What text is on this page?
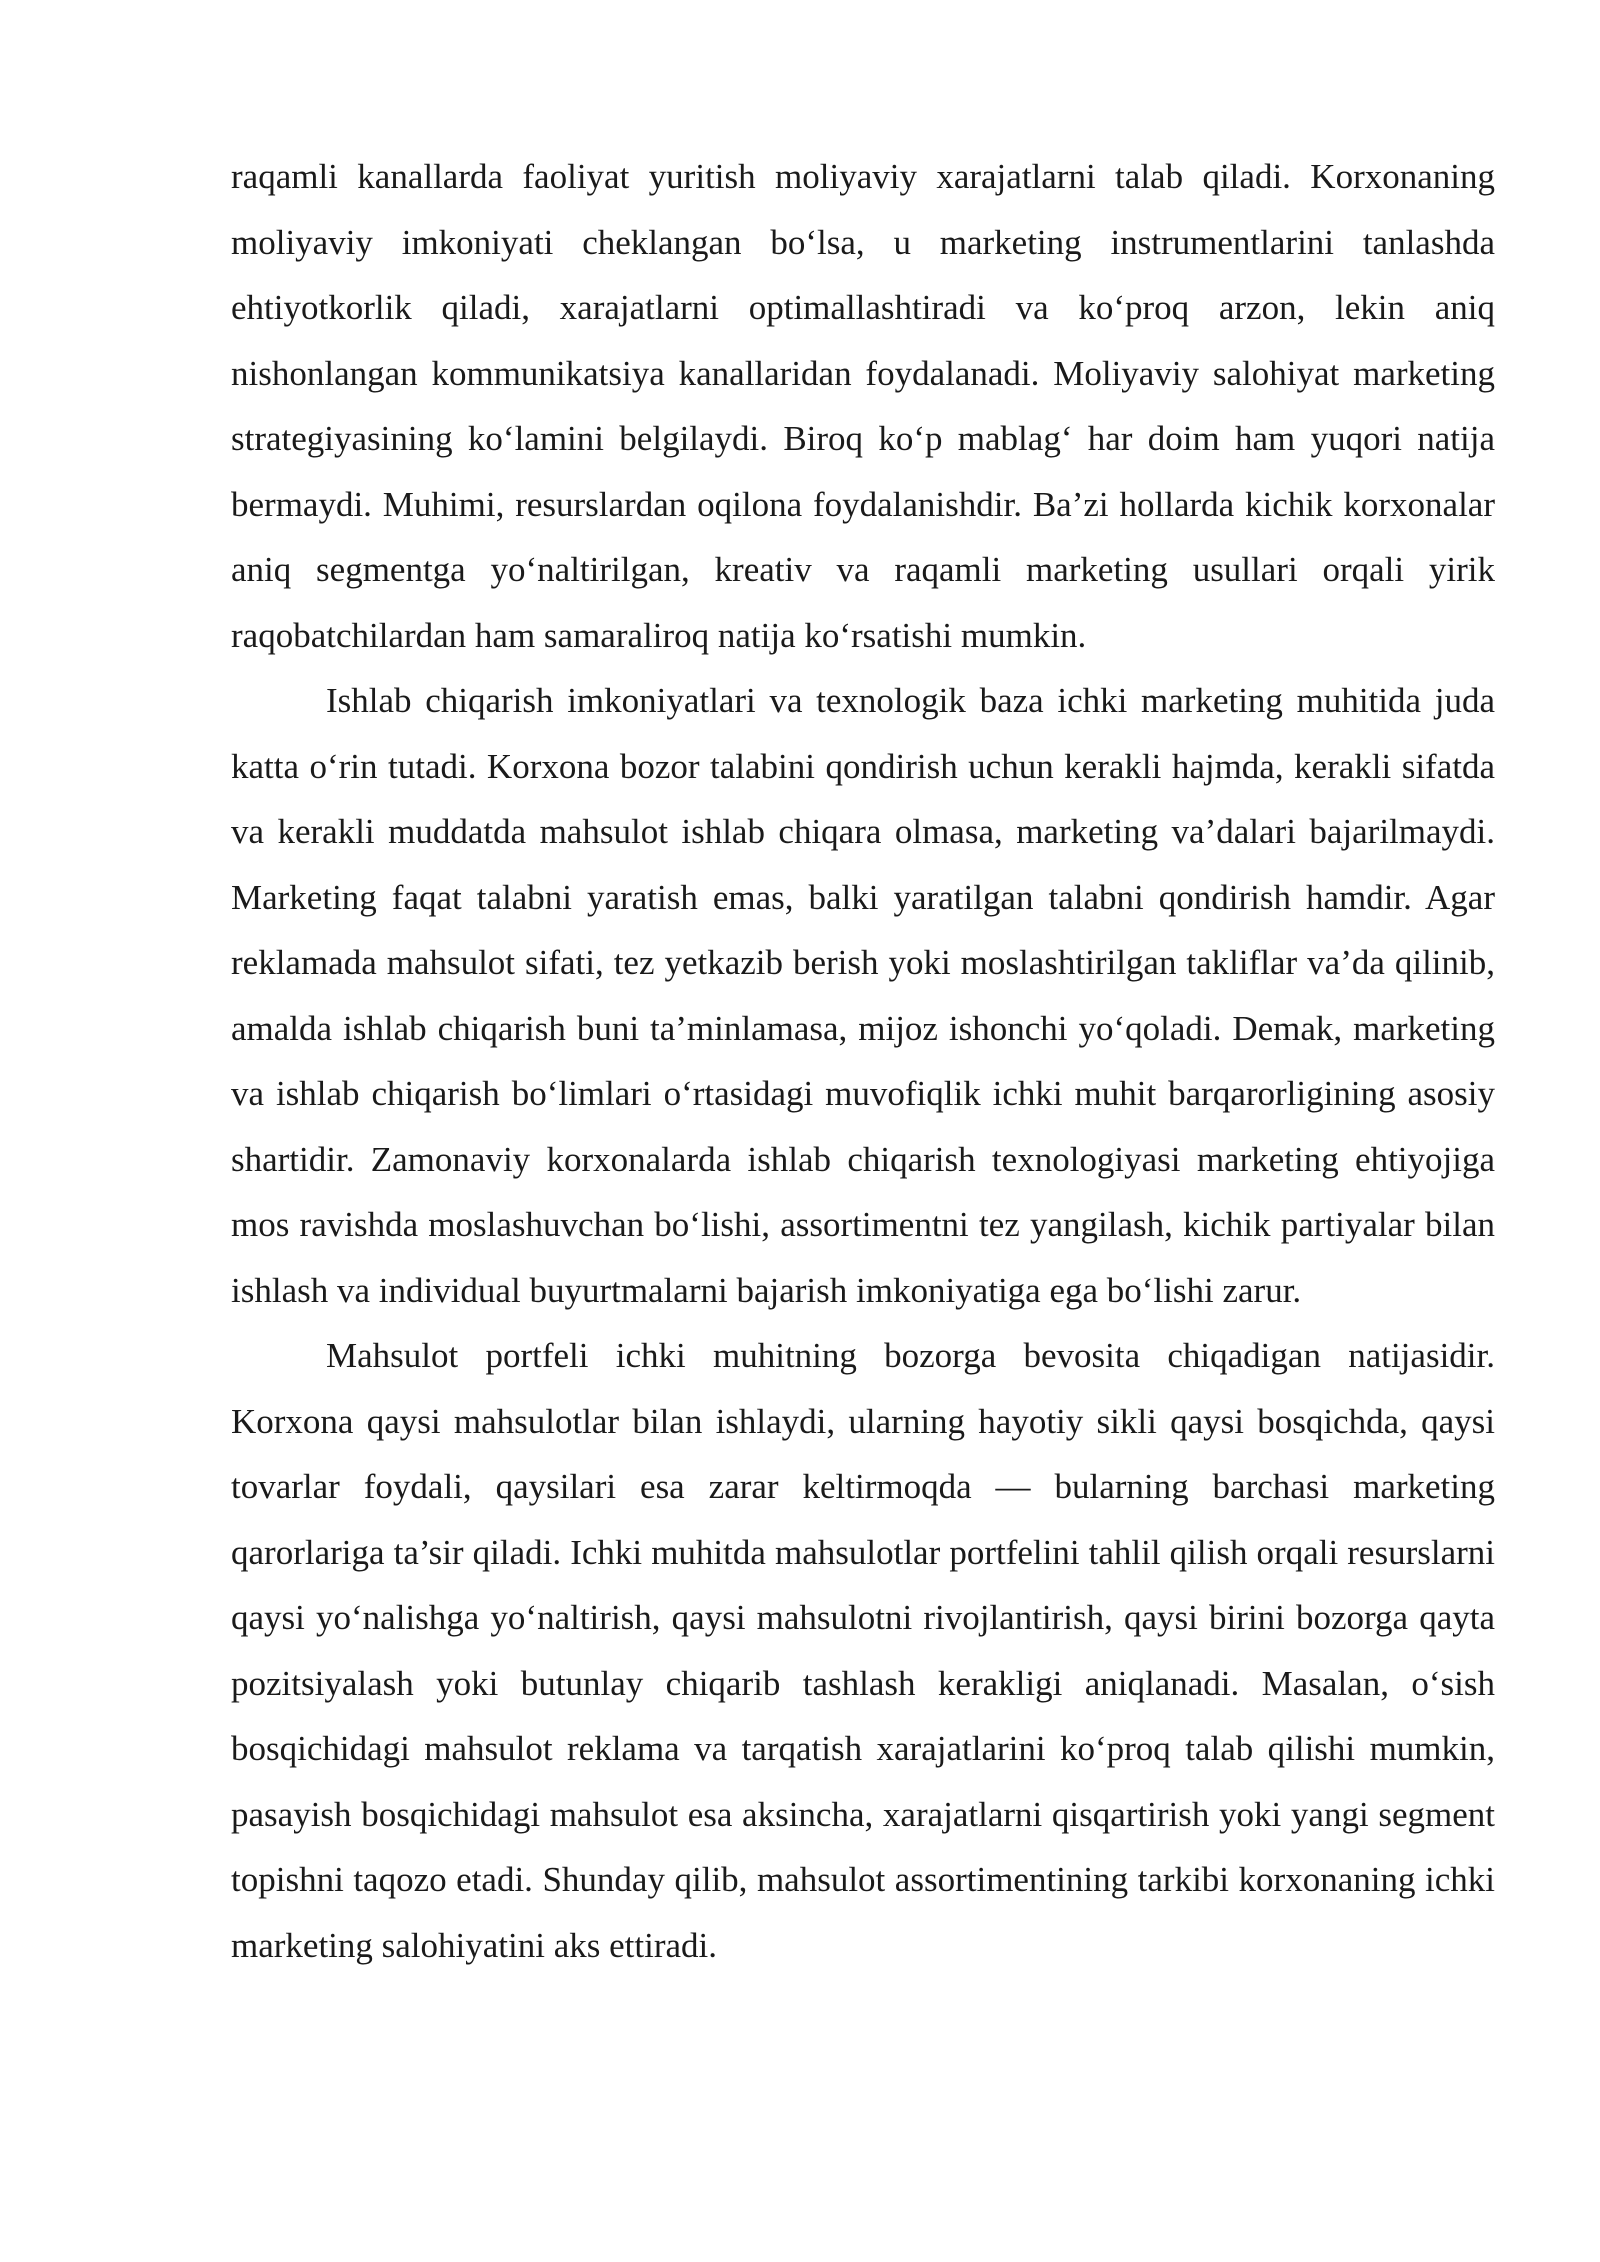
raqamli kanallarda faoliyat yuritish moliyaviy xarajatlarni talab qiladi. Korxonaning moliyaviy imkoniyati cheklangan bo‘lsa, u marketing instrumentlarini tanlashda ehtiyotkorlik qiladi, xarajatlarni optimallashtiradi va ko‘proq arzon, lekin aniq nishonlangan kommunikatsiya kanallaridan foydalanadi. Moliyaviy salohiyat marketing strategiyasining ko‘lamini belgilaydi. Biroq ko‘p mablag‘ har doim ham yuqori natija bermaydi. Muhimi, resurslardan oqilona foydalanishdir. Ba’zi hollarda kichik korxonalar aniq segmentga yo‘naltirilgan, kreativ va raqamli marketing usullari orqali yirik raqobatchilardan ham samaraliroq natija ko‘rsatishi mumkin.

Ishlab chiqarish imkoniyatlari va texnologik baza ichki marketing muhitida juda katta o‘rin tutadi. Korxona bozor talabini qondirish uchun kerakli hajmda, kerakli sifatda va kerakli muddatda mahsulot ishlab chiqara olmasa, marketing va’dalari bajarilmaydi. Marketing faqat talabni yaratish emas, balki yaratilgan talabni qondirish hamdir. Agar reklamada mahsulot sifati, tez yetkazib berish yoki moslashtirilgan takliflar va’da qilinib, amalda ishlab chiqarish buni ta’minlamasa, mijoz ishonchi yo‘qoladi. Demak, marketing va ishlab chiqarish bo‘limlari o‘rtasidagi muvofiqlik ichki muhit barqarorligining asosiy shartidir. Zamonaviy korxonalarda ishlab chiqarish texnologiyasi marketing ehtiyojiga mos ravishda moslashuvchan bo‘lishi, assortimentni tez yangilash, kichik partiyalar bilan ishlash va individual buyurtmalarni bajarish imkoniyatiga ega bo‘lishi zarur.

Mahsulot portfeli ichki muhitning bozorga bevosita chiqadigan natijasidir. Korxona qaysi mahsulotlar bilan ishlaydi, ularning hayotiy sikli qaysi bosqichda, qaysi tovarlar foydali, qaysilari esa zarar keltirmoqda — bularning barchasi marketing qarorlariga ta’sir qiladi. Ichki muhitda mahsulotlar portfelini tahlil qilish orqali resurslarni qaysi yo‘nalishga yo‘naltirish, qaysi mahsulotni rivojlantirish, qaysi birini bozorga qayta pozitsiyalash yoki butunlay chiqarib tashlash kerakligi aniqlanadi. Masalan, o‘sish bosqichidagi mahsulot reklama va tarqatish xarajatlarini ko‘proq talab qilishi mumkin, pasayish bosqichidagi mahsulot esa aksincha, xarajatlarni qisqartirish yoki yangi segment topishni taqozo etadi. Shunday qilib, mahsulot assortimentining tarkibi korxonaning ichki marketing salohiyatini aks ettiradi.
